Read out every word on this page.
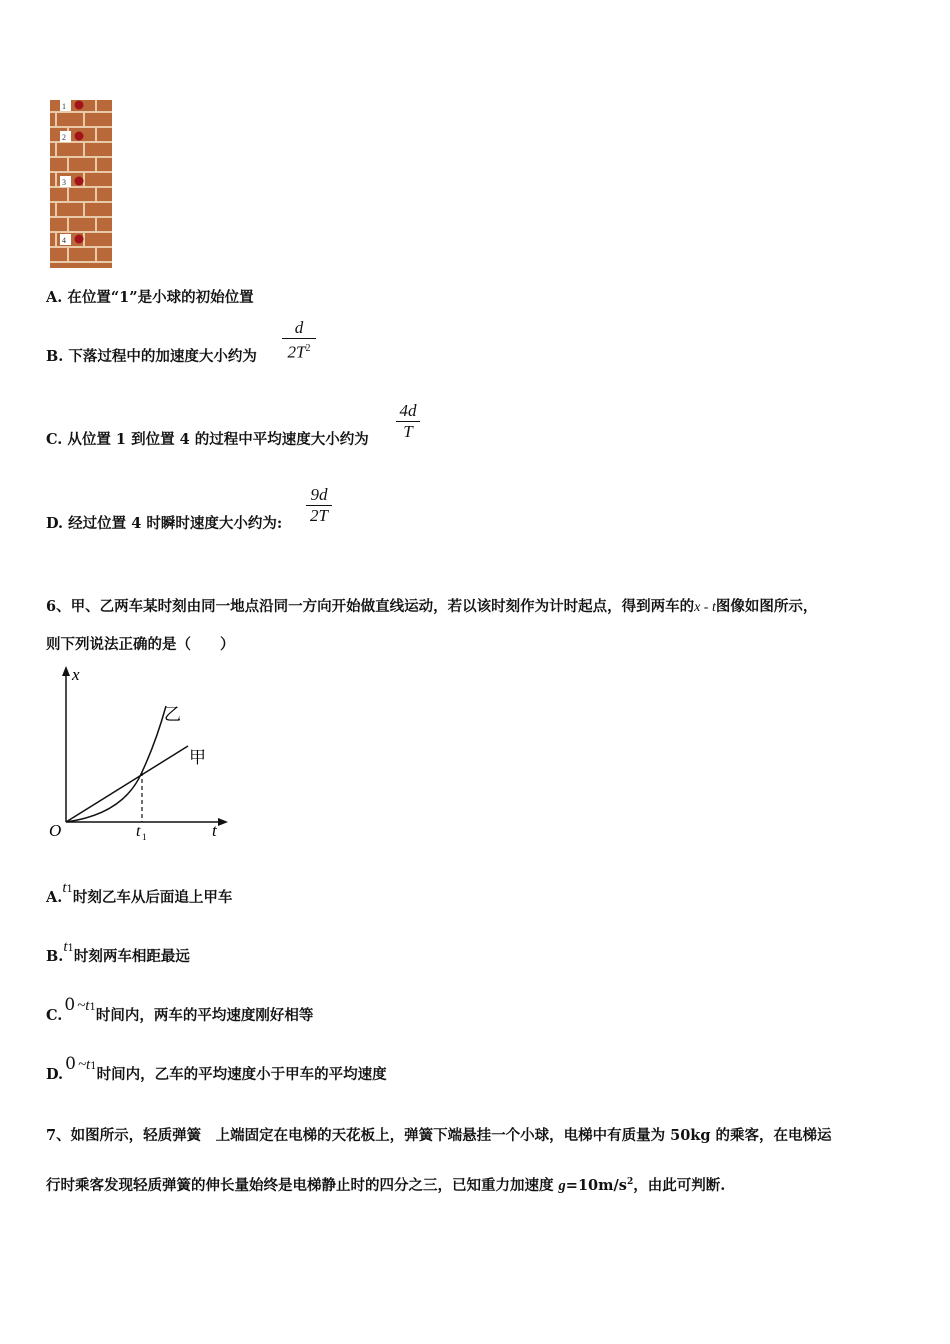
1
2
3
4
A. 在位置“1”是小球的初始位置
B. 下落过程中的加速度大小约为 $\frac{d}{2T^2}$
C. 从位置 1 到位置 4 的过程中平均速度大小约为 $\frac{4d}{T}$
D. 经过位置 4 时瞬时速度大小约为: $\frac{9d}{2T}$
6、甲、乙两车某时刻由同一地点沿同一方向开始做直线运动，若以该时刻作为计时起点，得到两车的x - t图像如图所示，
则下列说法正确的是（　　）
x
t
O	t 1
乙
甲
A.t1时刻乙车从后面追上甲车
B.t1时刻两车相距最远
C.0 ~t1时间内，两车的平均速度刚好相等
D.0 ~t1时间内，乙车的平均速度小于甲车的平均速度
7、如图所示，轻质弹簧　上端固定在电梯的天花板上，弹簧下端悬挂一个小球，电梯中有质量为 50kg 的乘客，在电梯运
行时乘客发现轻质弹簧的伸长量始终是电梯静止时的四分之三，已知重力加速度 $g=10m/s^2$，由此可判断.
